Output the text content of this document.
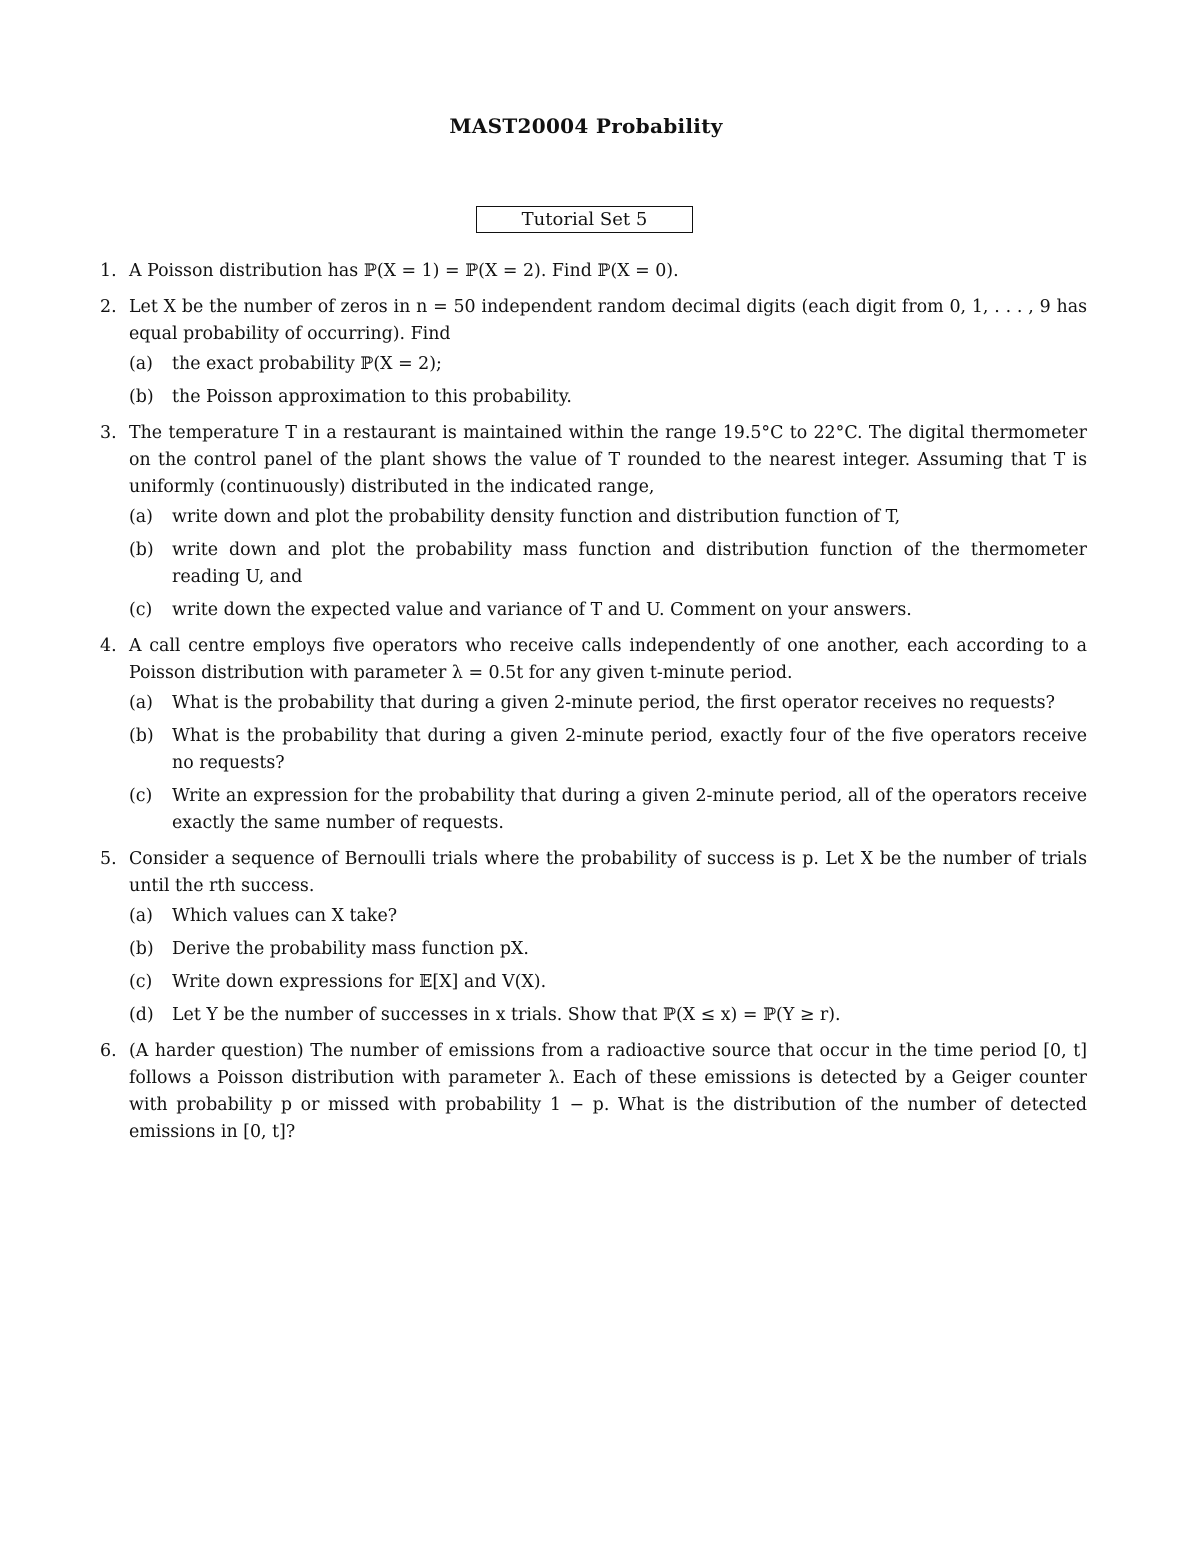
MAST20004 Probability
Tutorial Set 5
1. A Poisson distribution has ℙ(X = 1) = ℙ(X = 2). Find ℙ(X = 0).
2. Let X be the number of zeros in n = 50 independent random decimal digits (each digit from 0, 1, . . . , 9 has equal probability of occurring). Find
(a) the exact probability ℙ(X = 2);
(b) the Poisson approximation to this probability.
3. The temperature T in a restaurant is maintained within the range 19.5°C to 22°C. The digital thermometer on the control panel of the plant shows the value of T rounded to the nearest integer. Assuming that T is uniformly (continuously) distributed in the indicated range,
(a) write down and plot the probability density function and distribution function of T,
(b) write down and plot the probability mass function and distribution function of the thermometer reading U, and
(c) write down the expected value and variance of T and U. Comment on your answers.
4. A call centre employs five operators who receive calls independently of one another, each according to a Poisson distribution with parameter λ = 0.5t for any given t-minute period.
(a) What is the probability that during a given 2-minute period, the first operator receives no requests?
(b) What is the probability that during a given 2-minute period, exactly four of the five operators receive no requests?
(c) Write an expression for the probability that during a given 2-minute period, all of the operators receive exactly the same number of requests.
5. Consider a sequence of Bernoulli trials where the probability of success is p. Let X be the number of trials until the rth success.
(a) Which values can X take?
(b) Derive the probability mass function pX.
(c) Write down expressions for 𝔼[X] and V(X).
(d) Let Y be the number of successes in x trials. Show that ℙ(X ≤ x) = ℙ(Y ≥ r).
6. (A harder question) The number of emissions from a radioactive source that occur in the time period [0, t] follows a Poisson distribution with parameter λ. Each of these emissions is detected by a Geiger counter with probability p or missed with probability 1 − p. What is the distribution of the number of detected emissions in [0, t]?
